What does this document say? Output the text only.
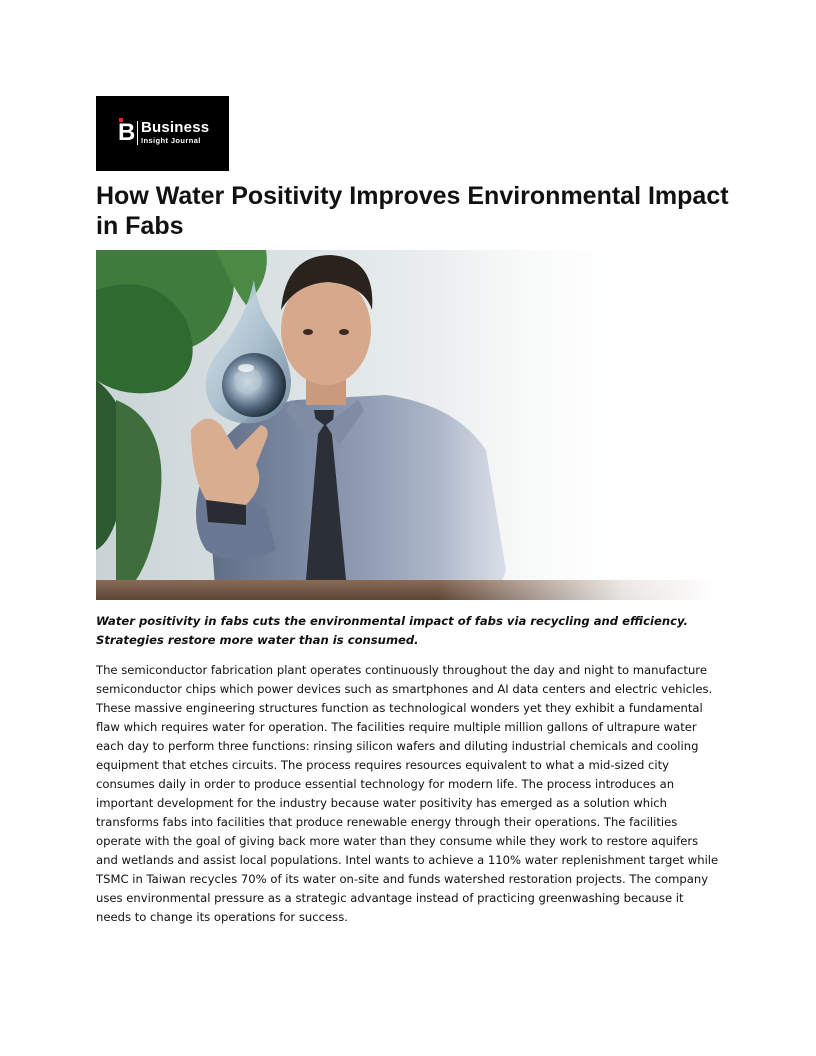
B Business
Insight Journal
How Water Positivity Improves Environmental Impact in Fabs

Water positivity in fabs cuts the environmental impact of fabs via recycling and efficiency. Strategies restore more water than is consumed.

The semiconductor fabrication plant operates continuously throughout the day and night to manufacture semiconductor chips which power devices such as smartphones and AI data centers and electric vehicles. These massive engineering structures function as technological wonders yet they exhibit a fundamental flaw which requires water for operation. The facilities require multiple million gallons of ultrapure water each day to perform three functions: rinsing silicon wafers and diluting industrial chemicals and cooling equipment that etches circuits. The process requires resources equivalent to what a mid-sized city consumes daily in order to produce essential technology for modern life. The process introduces an important development for the industry because water positivity has emerged as a solution which transforms fabs into facilities that produce renewable energy through their operations. The facilities operate with the goal of giving back more water than they consume while they work to restore aquifers and wetlands and assist local populations. Intel wants to achieve a 110% water replenishment target while TSMC in Taiwan recycles 70% of its water on-site and funds watershed restoration projects. The company uses environmental pressure as a strategic advantage instead of practicing greenwashing because it needs to change its operations for success.
